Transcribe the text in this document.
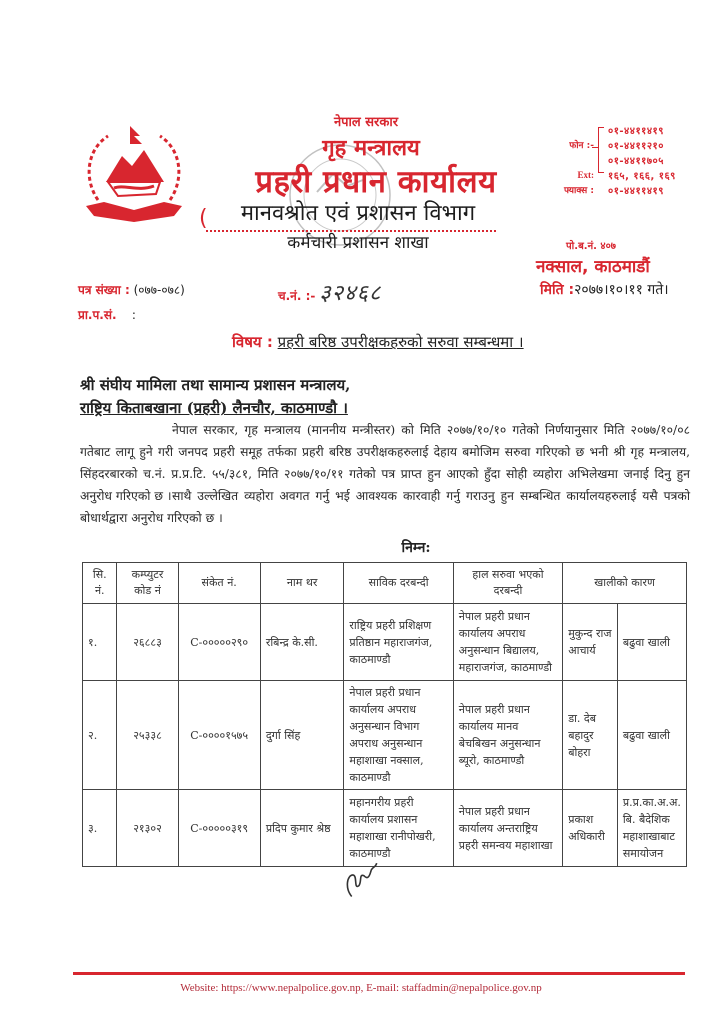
नेपाल सरकार
गृह मन्त्रालय
प्रहरी प्रधान कार्यालय
(	मानवश्रोत एवं प्रशासन विभाग
कर्मचारी प्रशासन शाखा
०१-४४११४१९
फोन :-	०१-४४११२१०
०१-४४११७०५
Ext:	१६५, १६६, १६९
फ्याक्स :	०१-४४११४१९
पो.ब.नं. ४०७
नक्साल, काठमाडौं
मिति :२०७७।१०।११ गते।
पत्र संख्या : (०७७-०७८)	च.नं. :- ३२४६८
प्रा.प.सं. :
विषय : प्रहरी बरिष्ठ उपरीक्षकहरुको सरुवा सम्बन्धमा ।
श्री संघीय मामिला तथा सामान्य प्रशासन मन्त्रालय,
राष्ट्रिय किताबखाना (प्रहरी) लैनचौर, काठमाण्डौ ।
नेपाल सरकार, गृह मन्त्रालय (माननीय मन्त्रीस्तर) को मिति २०७७/१०/१० गतेको निर्णयानुसार मिति २०७७/१०/०८ गतेबाट लागू हुने गरी जनपद प्रहरी समूह तर्फका प्रहरी बरिष्ठ उपरीक्षकहरुलाई देहाय बमोजिम सरुवा गरिएको छ भनी श्री गृह मन्त्रालय, सिंहदरबारको च.नं. प्र.प्र.टि. ५५/३८१, मिति २०७७/१०/११ गतेको पत्र प्राप्त हुन आएको हुँदा सोही व्यहोरा अभिलेखमा जनाई दिनु हुन अनुरोध गरिएको छ । साथै उल्लेखित व्यहोरा अवगत गर्नु भई आवश्यक कारवाही गर्नु गराउनु हुन सम्बन्धित कार्यालयहरुलाई यसै पत्रको बोधार्थद्वारा अनुरोध गरिएको छ ।
निम्न:
सि. नं.	कम्प्युटर कोड नं	संकेत नं.	नाम थर	साविक दरबन्दी	हाल सरुवा भएको दरबन्दी	खालीको कारण	
१.	२६८८३	C-०००००२९०	रबिन्द्र के.सी.	राष्ट्रिय प्रहरी प्रशिक्षण प्रतिष्ठान महाराजगंज, काठमाण्डौ	नेपाल प्रहरी प्रधान कार्यालय अपराध अनुसन्धान बिद्यालय, महाराजगंज, काठमाण्डौ	मुकुन्द राज आचार्य	बढुवा खाली
२.	२५३३८	C-००००१५७५	दुर्गा सिंह	नेपाल प्रहरी प्रधान कार्यालय अपराध अनुसन्धान विभाग अपराध अनुसन्धान महाशाखा नक्साल, काठमाण्डौ	नेपाल प्रहरी प्रधान कार्यालय मानव बेचबिखन अनुसन्धान ब्यूरो, काठमाण्डौ	डा. देब बहादुर बोहरा	बढुवा खाली
३.	२१३०२	C-०००००३१९	प्रदिप कुमार श्रेष्ठ	महानगरीय प्रहरी कार्यालय प्रशासन महाशाखा रानीपोखरी, काठमाण्डौ	नेपाल प्रहरी प्रधान कार्यालय अन्तराष्ट्रिय प्रहरी समन्वय महाशाखा	प्रकाश अधिकारी	प्र.प्र.का.अ.अ. बि. बैदेशिक महाशाखाबाट समायोजन
Website: https://www.nepalpolice.gov.np, E-mail: staffadmin@nepalpolice.gov.np
